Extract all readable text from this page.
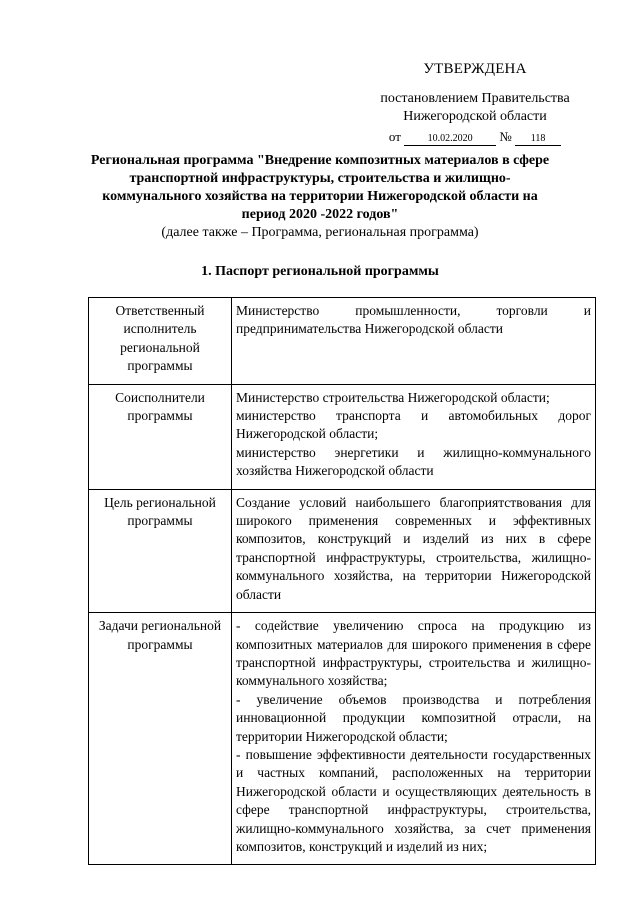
УТВЕРЖДЕНА
постановлением Правительства
Нижегородской области
от	10.02.2020 № 118
Региональная программа "Внедрение композитных материалов в сфере транспортной инфраструктуры, строительства и жилищно-коммунального хозяйства на территории Нижегородской области на период 2020 -2022 годов"
(далее также – Программа, региональная программа)
1. Паспорт региональной программы
Ответственный исполнитель региональной программы	Министерство промышленности, торговли и предпринимательства Нижегородской области

Соисполнители программы	Министерство строительства Нижегородской области;
министерство транспорта и автомобильных дорог Нижегородской области;
министерство энергетики и жилищно-коммунального хозяйства Нижегородской области

Цель региональной программы	Создание условий наибольшего благоприятствования для широкого применения современных и эффективных композитов, конструкций и изделий из них в сфере транспортной инфраструктуры, строительства, жилищно-коммунального хозяйства, на территории Нижегородской области

Задачи региональной программы	- содействие увеличению спроса на продукцию из композитных материалов для широкого применения в сфере транспортной инфраструктуры, строительства и жилищно-коммунального хозяйства;
- увеличение объемов производства и потребления инновационной продукции композитной отрасли, на территории Нижегородской области;
- повышение эффективности деятельности государственных и частных компаний, расположенных на территории Нижегородской области и осуществляющих деятельность в сфере транспортной инфраструктуры, строительства, жилищно-коммунального хозяйства, за счет применения композитов, конструкций и изделий из них;
